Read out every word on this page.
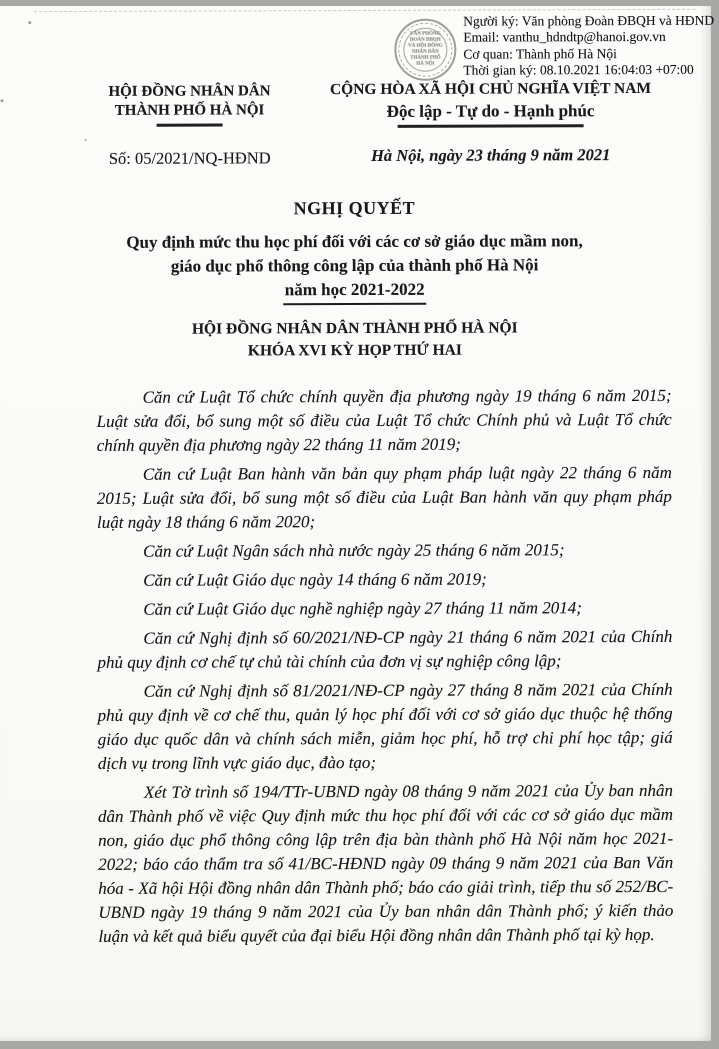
VĂN PHÒNG
ĐOÀN ĐBQH
VÀ HỘI ĐỒNG
NHÂN DÂN
THÀNH PHỐ
HÀ NỘI
Người ký: Văn phòng Đoàn ĐBQH và HĐND
Email: vanthu_hdndtp@hanoi.gov.vn
Cơ quan: Thành phố Hà Nội
Thời gian ký: 08.10.2021 16:04:03 +07:00
HỘI ĐỒNG NHÂN DÂN
THÀNH PHỐ HÀ NỘI
Số: 05/2021/NQ-HĐND
CỘNG HÒA XÃ HỘI CHỦ NGHĨA VIỆT NAM
Độc lập - Tự do - Hạnh phúc
Hà Nội, ngày 23 tháng 9 năm 2021
NGHỊ QUYẾT
Quy định mức thu học phí đối với các cơ sở giáo dục mầm non,
giáo dục phổ thông công lập của thành phố Hà Nội
năm học 2021-2022
HỘI ĐỒNG NHÂN DÂN THÀNH PHỐ HÀ NỘI
KHÓA XVI KỲ HỌP THỨ HAI

Căn cứ Luật Tổ chức chính quyền địa phương ngày 19 tháng 6 năm 2015; Luật sửa đổi, bổ sung một số điều của Luật Tổ chức Chính phủ và Luật Tổ chức chính quyền địa phương ngày 22 tháng 11 năm 2019;

Căn cứ Luật Ban hành văn bản quy phạm pháp luật ngày 22 tháng 6 năm 2015; Luật sửa đổi, bổ sung một số điều của Luật Ban hành văn quy phạm pháp luật ngày 18 tháng 6 năm 2020;

Căn cứ Luật Ngân sách nhà nước ngày 25 tháng 6 năm 2015;

Căn cứ Luật Giáo dục ngày 14 tháng 6 năm 2019;

Căn cứ Luật Giáo dục nghề nghiệp ngày 27 tháng 11 năm 2014;

Căn cứ Nghị định số 60/2021/NĐ-CP ngày 21 tháng 6 năm 2021 của Chính phủ quy định cơ chế tự chủ tài chính của đơn vị sự nghiệp công lập;

Căn cứ Nghị định số 81/2021/NĐ-CP ngày 27 tháng 8 năm 2021 của Chính phủ quy định về cơ chế thu, quản lý học phí đối với cơ sở giáo dục thuộc hệ thống giáo dục quốc dân và chính sách miễn, giảm học phí, hỗ trợ chi phí học tập; giá dịch vụ trong lĩnh vực giáo dục, đào tạo;

Xét Tờ trình số 194/TTr-UBND ngày 08 tháng 9 năm 2021 của Ủy ban nhân dân Thành phố về việc Quy định mức thu học phí đối với các cơ sở giáo dục mầm non, giáo dục phổ thông công lập trên địa bàn thành phố Hà Nội năm học 2021-2022; báo cáo thẩm tra số 41/BC-HĐND ngày 09 tháng 9 năm 2021 của Ban Văn hóa - Xã hội Hội đồng nhân dân Thành phố; báo cáo giải trình, tiếp thu số 252/BC-UBND ngày 19 tháng 9 năm 2021 của Ủy ban nhân dân Thành phố; ý kiến thảo luận và kết quả biểu quyết của đại biểu Hội đồng nhân dân Thành phố tại kỳ họp.
